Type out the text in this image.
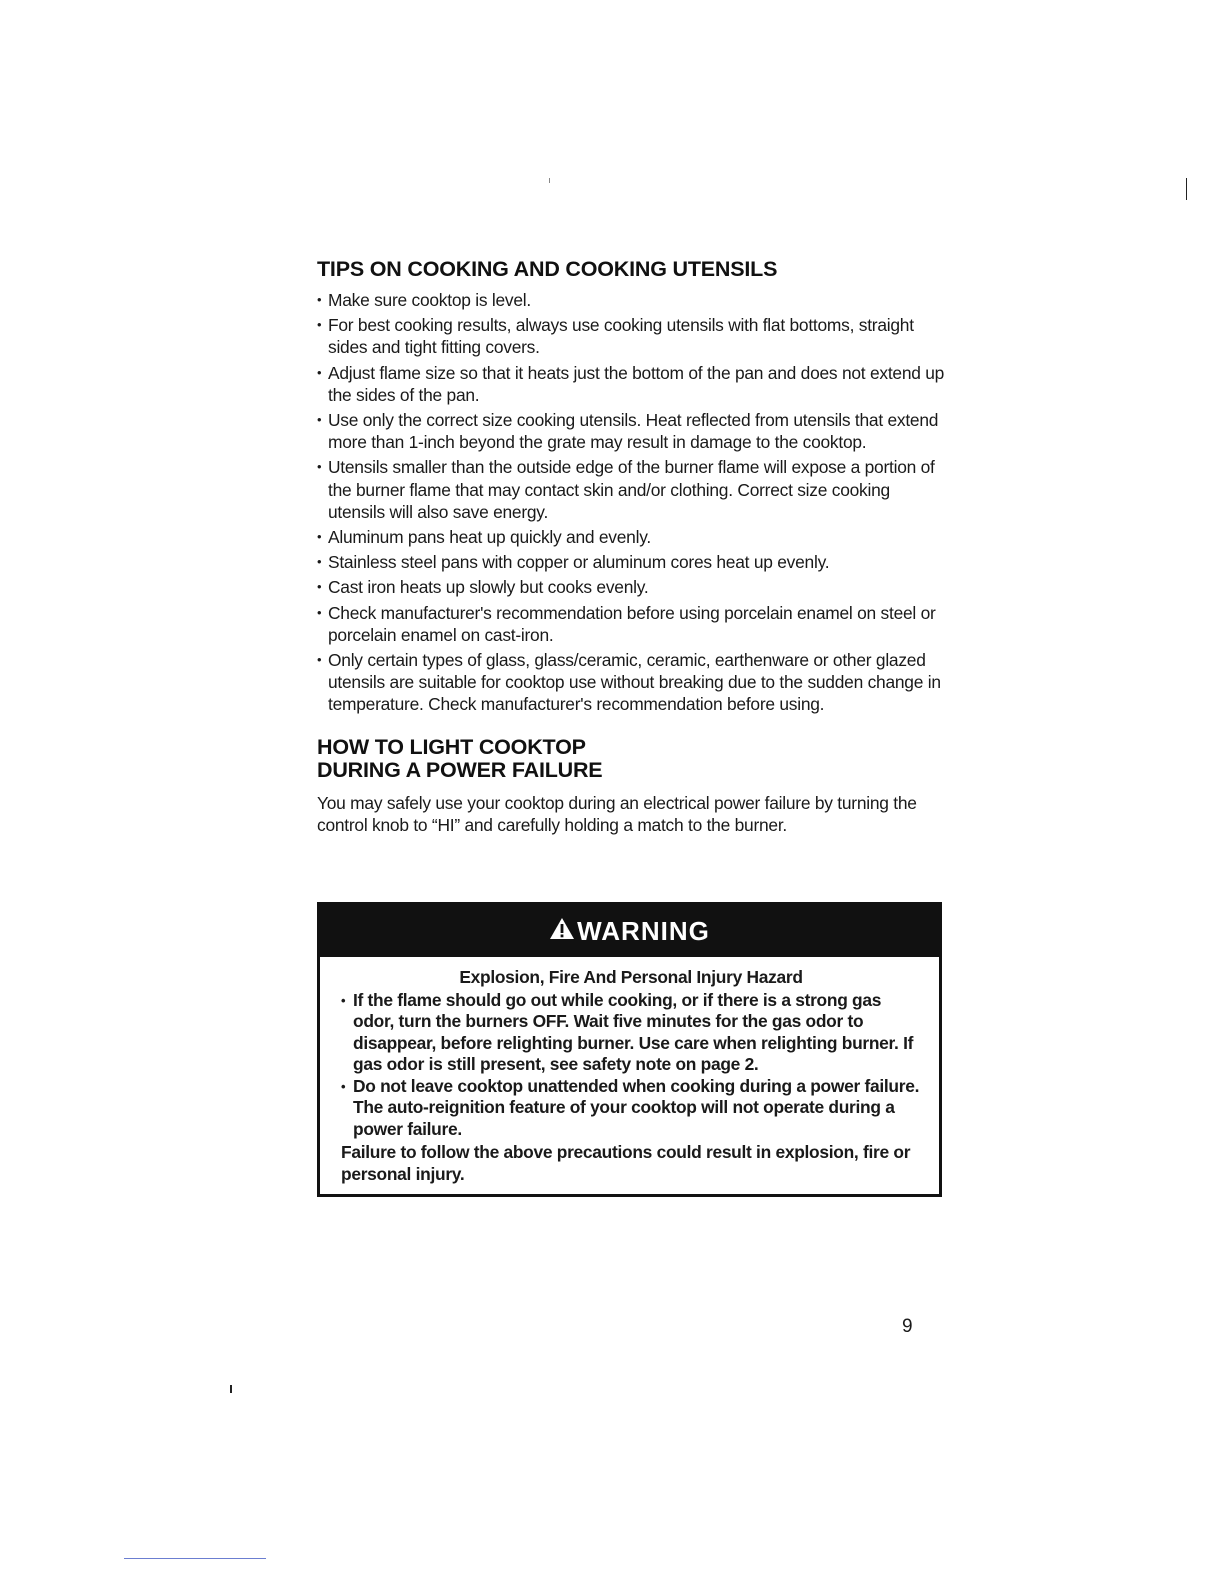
TIPS ON COOKING AND COOKING UTENSILS
• Make sure cooktop is level.
• For best cooking results, always use cooking utensils with flat bottoms, straight sides and tight fitting covers.
• Adjust flame size so that it heats just the bottom of the pan and does not extend up the sides of the pan.
• Use only the correct size cooking utensils. Heat reflected from utensils that extend more than 1-inch beyond the grate may result in damage to the cooktop.
• Utensils smaller than the outside edge of the burner flame will expose a portion of the burner flame that may contact skin and/or clothing. Correct size cooking utensils will also save energy.
• Aluminum pans heat up quickly and evenly.
• Stainless steel pans with copper or aluminum cores heat up evenly.
• Cast iron heats up slowly but cooks evenly.
• Check manufacturer's recommendation before using porcelain enamel on steel or porcelain enamel on cast-iron.
• Only certain types of glass, glass/ceramic, ceramic, earthenware or other glazed utensils are suitable for cooktop use without breaking due to the sudden change in temperature. Check manufacturer's recommendation before using.
HOW TO LIGHT COOKTOP
DURING A POWER FAILURE

You may safely use your cooktop during an electrical power failure by turning the control knob to “HI” and carefully holding a match to the burner.

WARNING

Explosion, Fire And Personal Injury Hazard

• If the flame should go out while cooking, or if there is a strong gas odor, turn the burners OFF. Wait five minutes for the gas odor to disappear, before relighting burner. Use care when relighting burner. If gas odor is still present, see safety note on page 2.
• Do not leave cooktop unattended when cooking during a power failure. The auto-reignition feature of your cooktop will not operate during a power failure.

Failure to follow the above precautions could result in explosion, fire or personal injury.

9
